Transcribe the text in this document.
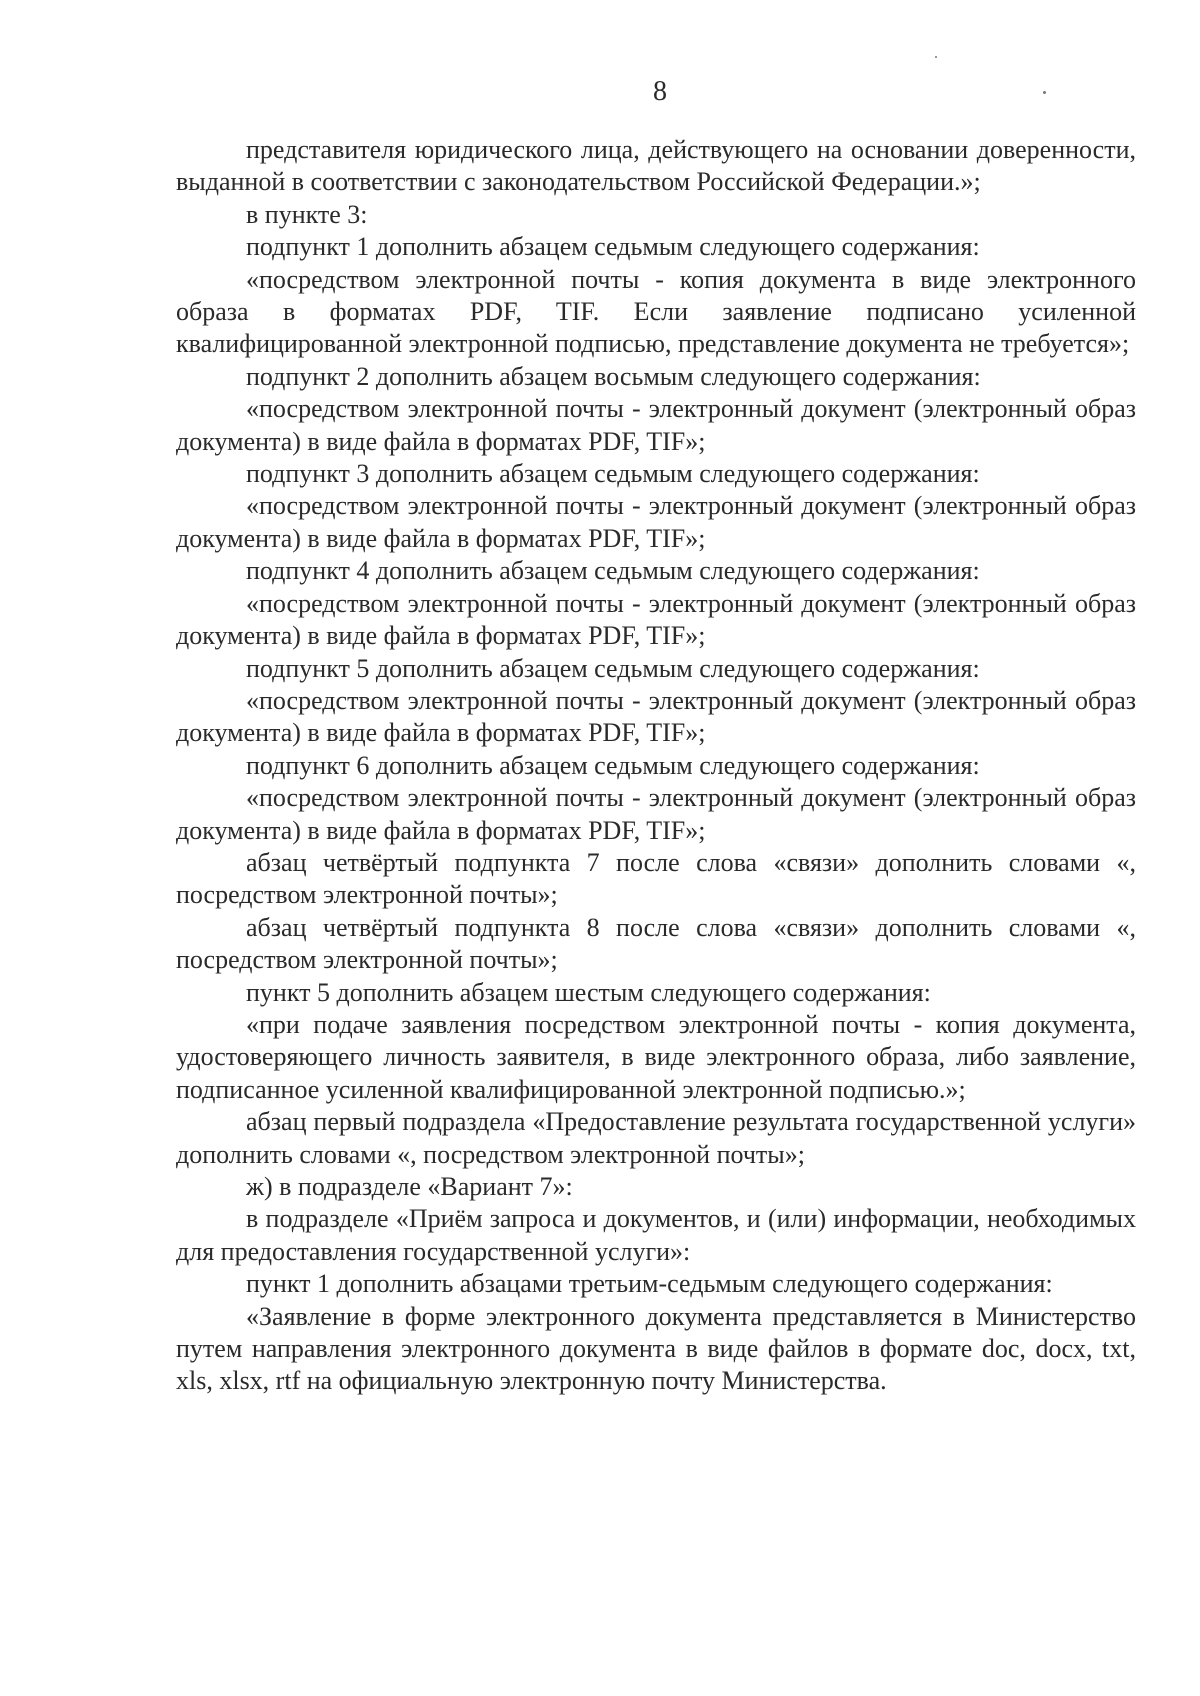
8

представителя юридического лица, действующего на основании доверенности, выданной в соответствии с законодательством Российской Федерации.»;

в пункте 3:

подпункт 1 дополнить абзацем седьмым следующего содержания:

«посредством электронной почты - копия документа в виде электронного образа в форматах PDF, TIF. Если заявление подписано усиленной квалифицированной электронной подписью, представление документа не требуется»;

подпункт 2 дополнить абзацем восьмым следующего содержания:

«посредством электронной почты - электронный документ (электронный образ документа) в виде файла в форматах PDF, TIF»;

подпункт 3 дополнить абзацем седьмым следующего содержания:

«посредством электронной почты - электронный документ (электронный образ документа) в виде файла в форматах PDF, TIF»;

подпункт 4 дополнить абзацем седьмым следующего содержания:

«посредством электронной почты - электронный документ (электронный образ документа) в виде файла в форматах PDF, TIF»;

подпункт 5 дополнить абзацем седьмым следующего содержания:

«посредством электронной почты - электронный документ (электронный образ документа) в виде файла в форматах PDF, TIF»;

подпункт 6 дополнить абзацем седьмым следующего содержания:

«посредством электронной почты - электронный документ (электронный образ документа) в виде файла в форматах PDF, TIF»;

абзац четвёртый подпункта 7 после слова «связи» дополнить словами «, посредством электронной почты»;

абзац четвёртый подпункта 8 после слова «связи» дополнить словами «, посредством электронной почты»;

пункт 5 дополнить абзацем шестым следующего содержания:

«при подаче заявления посредством электронной почты - копия документа, удостоверяющего личность заявителя, в виде электронного образа, либо заявление, подписанное усиленной квалифицированной электронной подписью.»;

абзац первый подраздела «Предоставление результата государственной услуги» дополнить словами «, посредством электронной почты»;

ж) в подразделе «Вариант 7»:

в подразделе «Приём запроса и документов, и (или) информации, необходимых для предоставления государственной услуги»:

пункт 1 дополнить абзацами третьим-седьмым следующего содержания:

«Заявление в форме электронного документа представляется в Министерство путем направления электронного документа в виде файлов в формате doc, docx, txt, xls, xlsx, rtf на официальную электронную почту Министерства.
